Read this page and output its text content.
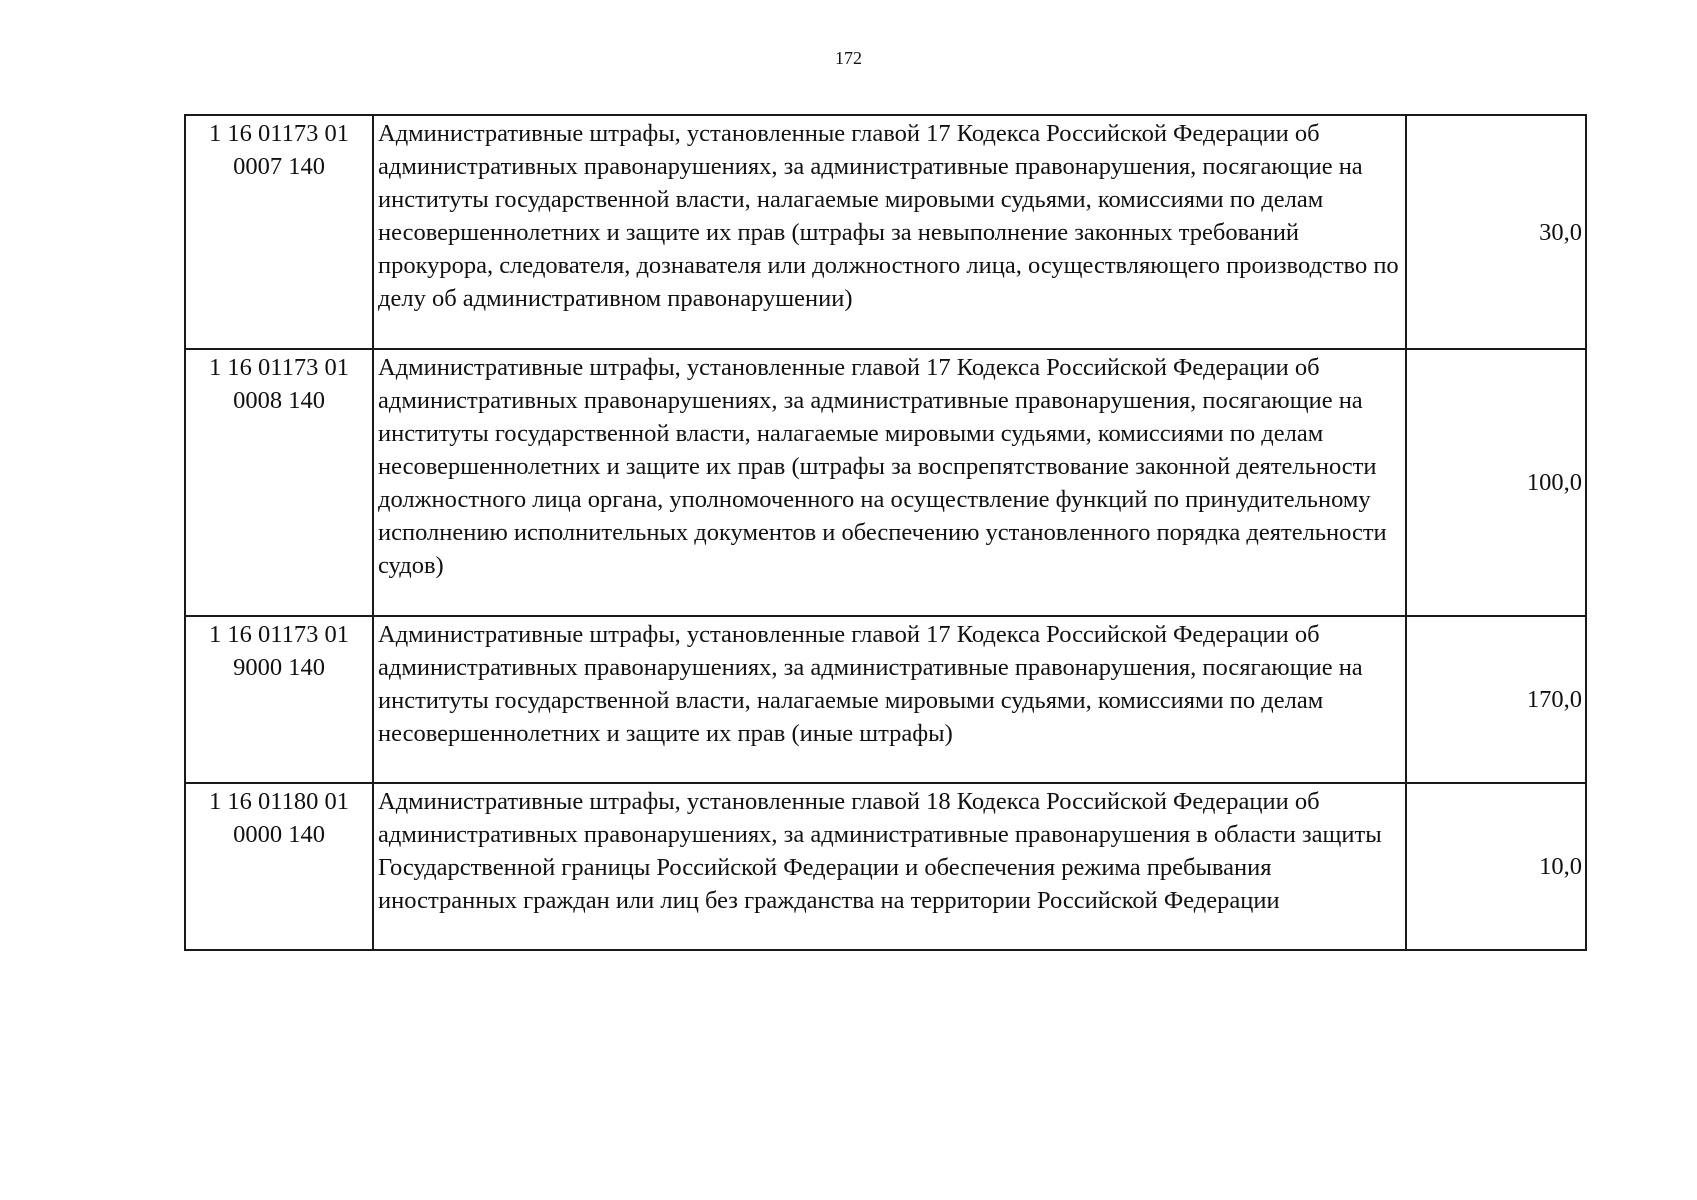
172
1 16 01173 01
0007 140	Административные штрафы, установленные главой 17 Кодекса Российской Федерации об административных правонарушениях, за административные правонарушения, посягающие на институты государственной власти, налагаемые мировыми судьями, комиссиями по делам несовершеннолетних и защите их прав (штрафы за невыполнение законных требований прокурора, следователя, дознавателя или должностного лица, осуществляющего производство по делу об административном правонарушении)	30,0

1 16 01173 01
0008 140	Административные штрафы, установленные главой 17 Кодекса Российской Федерации об административных правонарушениях, за административные правонарушения, посягающие на институты государственной власти, налагаемые мировыми судьями, комиссиями по делам несовершеннолетних и защите их прав (штрафы за воспрепятствование законной деятельности должностного лица органа, уполномоченного на осуществление функций по принудительному исполнению исполнительных документов и обеспечению установленного порядка деятельности судов)	100,0

1 16 01173 01
9000 140	Административные штрафы, установленные главой 17 Кодекса Российской Федерации об административных правонарушениях, за административные правонарушения, посягающие на институты государственной власти, налагаемые мировыми судьями, комиссиями по делам несовершеннолетних и защите их прав (иные штрафы)	170,0

1 16 01180 01
0000 140	Административные штрафы, установленные главой 18 Кодекса Российской Федерации об административных правонарушениях, за административные правонарушения в области защиты Государственной границы Российской Федерации и обеспечения режима пребывания иностранных граждан или лиц без гражданства на территории Российской Федерации	10,0
